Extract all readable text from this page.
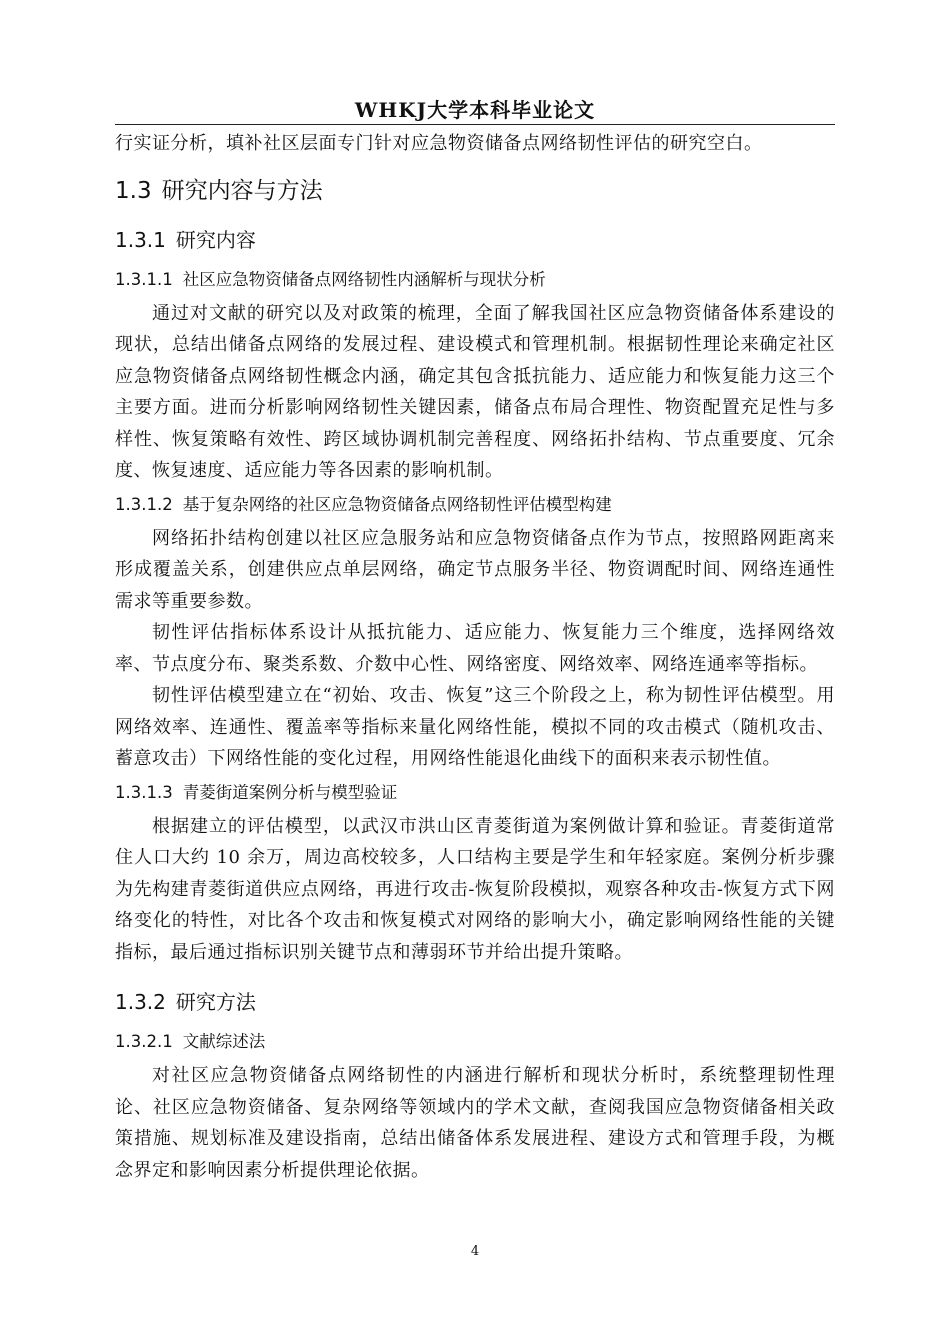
WHKJ大学本科毕业论文

行实证分析，填补社区层面专门针对应急物资储备点网络韧性评估的研究空白。

1.3 研究内容与方法
1.3.1 研究内容
1.3.1.1 社区应急物资储备点网络韧性内涵解析与现状分析

通过对文献的研究以及对政策的梳理，全面了解我国社区应急物资储备体系建设的现状，总结出储备点网络的发展过程、建设模式和管理机制。根据韧性理论来确定社区应急物资储备点网络韧性概念内涵，确定其包含抵抗能力、适应能力和恢复能力这三个主要方面。进而分析影响网络韧性关键因素，储备点布局合理性、物资配置充足性与多样性、恢复策略有效性、跨区域协调机制完善程度、网络拓扑结构、节点重要度、冗余度、恢复速度、适应能力等各因素的影响机制。

1.3.1.2 基于复杂网络的社区应急物资储备点网络韧性评估模型构建

网络拓扑结构创建以社区应急服务站和应急物资储备点作为节点，按照路网距离来形成覆盖关系，创建供应点单层网络，确定节点服务半径、物资调配时间、网络连通性需求等重要参数。

韧性评估指标体系设计从抵抗能力、适应能力、恢复能力三个维度，选择网络效率、节点度分布、聚类系数、介数中心性、网络密度、网络效率、网络连通率等指标。

韧性评估模型建立在“初始、攻击、恢复”这三个阶段之上，称为韧性评估模型。用网络效率、连通性、覆盖率等指标来量化网络性能，模拟不同的攻击模式（随机攻击、蓄意攻击）下网络性能的变化过程，用网络性能退化曲线下的面积来表示韧性值。

1.3.1.3 青菱街道案例分析与模型验证

根据建立的评估模型，以武汉市洪山区青菱街道为案例做计算和验证。青菱街道常住人口大约 10 余万，周边高校较多，人口结构主要是学生和年轻家庭。案例分析步骤为先构建青菱街道供应点网络，再进行攻击-恢复阶段模拟，观察各种攻击-恢复方式下网络变化的特性，对比各个攻击和恢复模式对网络的影响大小，确定影响网络性能的关键指标，最后通过指标识别关键节点和薄弱环节并给出提升策略。

1.3.2 研究方法
1.3.2.1 文献综述法

对社区应急物资储备点网络韧性的内涵进行解析和现状分析时，系统整理韧性理论、社区应急物资储备、复杂网络等领域内的学术文献，查阅我国应急物资储备相关政策措施、规划标准及建设指南，总结出储备体系发展进程、建设方式和管理手段，为概念界定和影响因素分析提供理论依据。

4
